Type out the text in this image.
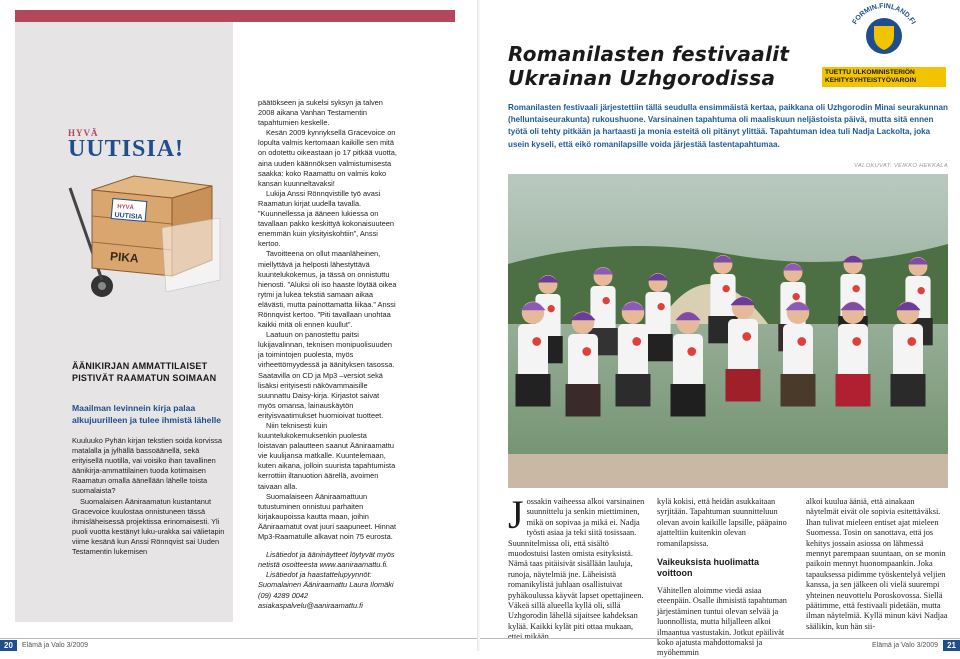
HYVÄ
UUTISIA!
HYVÄ
UUTISIA
PIKA
ÄÄNIKIRJAN AMMATTILAISET PISTIVÄT RAAMATUN SOIMAAN
Maailman levinnein kirja palaa alkujuurilleen ja tulee ihmistä lähelle

Kuuluuko Pyhän kirjan tekstien soida korvissa matalalla ja jylhällä bassoäänellä, sekä erityisellä nuotilla, vai voisiko ihan tavallinen äänikirja-ammattilainen tuoda kotimaisen Raamatun omalla äänellään lähelle toista suomalaista?

Suomalaisen Ääniraamatun kustantanut Gracevoice kuulostaa onnistuneen tässä ihmisläheisessä projektissa erinomaisesti. Yli puoli vuotta kestänyt luku-urakka sai välietapin viime kesänä kun Anssi Rönnqvist sai Uuden Testamentin lukemisen

päätökseen ja sukelsi syksyn ja talven 2008 aikana Vanhan Testamentin tapahtumien keskelle.

Kesän 2009 kynnyksellä Gracevoice on lopulta valmis kertomaan kaikille sen mitä on odotettu oikeastaan jo 17 pitkää vuotta, aina uuden käännöksen valmistumisesta saakka: koko Raamattu on valmis koko kansan kuunneltavaksi!

Lukija Anssi Rönnqvistille työ avasi Raamatun kirjat uudella tavalla. ”Kuunnellessa ja ääneen lukiessa on tavallaan pakko keskittyä kokonaisuuteen enemmän kuin yksityiskohtiin”, Anssi kertoo.

Tavoitteena on ollut maanläheinen, miellyttävä ja helposti lähestyttävä kuuntelukokemus, ja tässä on onnistuttu hienosti. ”Aluksi oli iso haaste löytää oikea rytmi ja lukea tekstiä samaan aikaa elävästi, mutta painottamatta liikaa.” Anssi Rönnqvist kertoo. ”Piti tavallaan unohtaa kaikki mitä oli ennen kuullut”.

Laatuun on panostettu paitsi lukijavalinnan, teknisen monipuolisuuden ja toimintojen puolesta, myös virheettömyydessä ja äänityksen tasossa. Saatavilla on CD ja Mp3 –versiot sekä lisäksi erityisesti näkövammaisille suunnattu Daisy-kirja. Kirjastot saivat myös omansa, lainauskäytön erityisvaatimukset huomioivat tuotteet.

Niin teknisesti kuin kuuntelukokemuksenkin puolesta loistavan palautteen saanut Ääniraamattu vie kuulijansa matkalle. Kuuntelemaan, kuten aikana, jolloin suurista tapahtumista kerrottiin iltanuotion äärellä, avoimen taivaan alla.

Suomalaiseen Ääniraamattuun tutustuminen onnistuu parhaiten kirjakaupoissa kautta maan, joihin Ääniraamatut ovat juuri saapuneet. Hinnat Mp3-Raamatulle alkavat noin 75 eurosta.

Lisätiedot ja ääninäytteet löytyvät myös netistä osoitteesta www.aaniraamattu.fi.

Lisätiedot ja haastattelupyynnöt: Suomalainen Ääniraamattu Laura Ilomäki (09) 4289 0042 asiakaspalvelu@aaniraamattu.fi

20	Elämä ja Valo 3/2009
FORMIN.FINLAND.FI
TUETTU ULKOMINISTERIÖN
KEHITYSYHTEISTYÖVAROIN
Romanilasten festivaalit
Ukrainan Uzhgorodissa
Romanilasten festivaali järjestettiin tällä seudulla ensimmäistä kertaa, paikkana oli Uzhgorodin Minai seurakunnan (helluntaiseurakunta) rukoushuone. Varsinainen tapahtuma oli maaliskuun neljästoista päivä, mutta sitä ennen työtä oli tehty pitkään ja hartaasti ja monia esteitä oli pitänyt ylittää. Tapahtuman idea tuli Nadja Lackolta, joka usein kyseli, että eikö romanilapsille voida järjestää lastentapahtumaa.
VALOKUVAT: VEIKKO HEKKALA
J ossakin vaiheessa alkoi varsinainen suunnittelu ja senkin miettiminen, mikä on sopivaa ja mikä ei. Nadja työsti asiaa ja teki siitä tosissaan. Suunnitelmissa oli, että sisältö muodostuisi lasten omista esityksistä. Nämä taas pitäisivät sisällään lauluja, runoja, näytelmiä jne. Läheisistä romanikylistä juhlaan osallistuivat pyhäkoulussa käyvät lapset opettajineen. Väkeä sillä alueella kyllä oli, sillä Uzhgorodin lähellä sijaitsee kahdeksan kylää. Kaikki kylät piti ottaa mukaan, ettei mikään

kylä kokisi, että heidän asukkaitaan syrjitään. Tapahtuman suunnitteluun olevan avoin kaikille lapsille, pääpaino ajatteltiin kuitenkin olevan romanilapsissa.

Vaikeuksista huolimatta voittoon

Vähitellen aloimme viedä asiaa eteenpäin. Osalle ihmisistä tapahtuman järjestäminen tuntui olevan selvää ja luonnollista, mutta hiljalleen alkoi ilmaantua vastustakin. Jotkut epäilivät koko ajatusta mahdottomaksi ja myöhemmin

alkoi kuulua ääniä, että ainakaan näytelmät eivät ole sopivia esitettäväksi. Ihan tulivat mieleen entiset ajat mieleen Suomessa. Tosin on sanottava, että jos kehitys jossain asiossa on lähmessä mennyt parempaan suuntaan, on se monin paikoin mennyt huonompaankin. Joka tapauksessa pidimme työskentelyä veljien kanssa, ja sen jälkeen oli vielä suurempi yhteinen neuvottelu Poroskovossa. Siellä päätimme, että festivaali pidetään, mutta ilman näytelmiä. Kyllä minun kävi Nadjaa säälikin, kun hän sii-

Elämä ja Valo 3/2009	21
